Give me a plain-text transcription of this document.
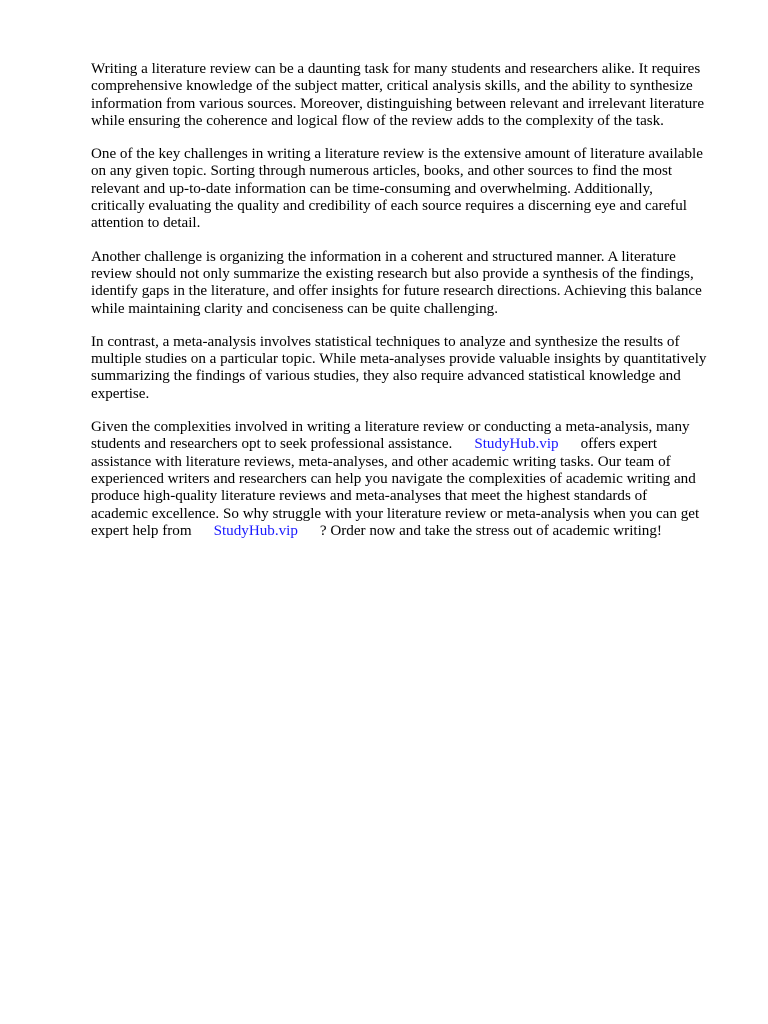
Writing a literature review can be a daunting task for many students and researchers alike. It requires
comprehensive knowledge of the subject matter, critical analysis skills, and the ability to synthesize
information from various sources. Moreover, distinguishing between relevant and irrelevant literature
while ensuring the coherence and logical flow of the review adds to the complexity of the task.

One of the key challenges in writing a literature review is the extensive amount of literature available
on any given topic. Sorting through numerous articles, books, and other sources to find the most
relevant and up-to-date information can be time-consuming and overwhelming. Additionally,
critically evaluating the quality and credibility of each source requires a discerning eye and careful
attention to detail.

Another challenge is organizing the information in a coherent and structured manner. A literature
review should not only summarize the existing research but also provide a synthesis of the findings,
identify gaps in the literature, and offer insights for future research directions. Achieving this balance
while maintaining clarity and conciseness can be quite challenging.

In contrast, a meta-analysis involves statistical techniques to analyze and synthesize the results of
multiple studies on a particular topic. While meta-analyses provide valuable insights by quantitatively
summarizing the findings of various studies, they also require advanced statistical knowledge and
expertise.

Given the complexities involved in writing a literature review or conducting a meta-analysis, many
students and researchers opt to seek professional assistance. StudyHub.vip offers expert
assistance with literature reviews, meta-analyses, and other academic writing tasks. Our team of
experienced writers and researchers can help you navigate the complexities of academic writing and
produce high-quality literature reviews and meta-analyses that meet the highest standards of
academic excellence. So why struggle with your literature review or meta-analysis when you can get
expert help from StudyHub.vip ? Order now and take the stress out of academic writing!
